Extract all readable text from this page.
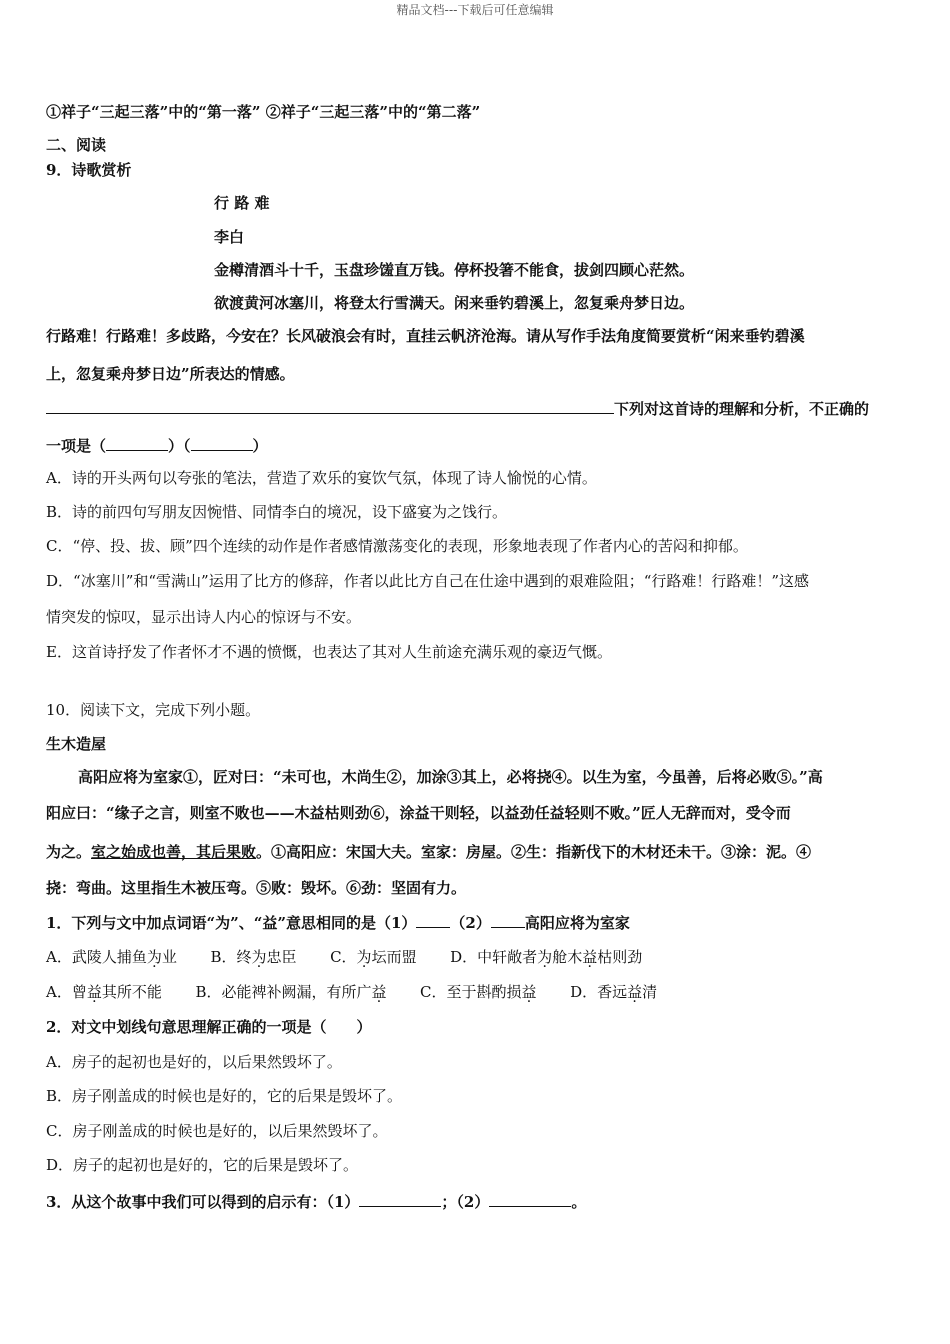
精品文档---下载后可任意编辑
①祥子“三起三落”中的“第一落” ②祥子“三起三落”中的“第二落”
二、阅读
9．诗歌赏析
行 路 难
李白
金樽清酒斗十千，玉盘珍馐直万钱。停杯投箸不能食，拔剑四顾心茫然。
欲渡黄河冰塞川，将登太行雪满天。闲来垂钓碧溪上，忽复乘舟梦日边。
行路难！行路难！多歧路，今安在？长风破浪会有时，直挂云帆济沧海。请从写作手法角度简要赏析“闲来垂钓碧溪
上，忽复乘舟梦日边”所表达的情感。
下列对这首诗的理解和分析，不正确的
一项是（	）（	）
A．诗的开头两句以夸张的笔法，营造了欢乐的宴饮气氛，体现了诗人愉悦的心情。
B．诗的前四句写朋友因惋惜、同情李白的境况，设下盛宴为之饯行。
C．“停、投、拔、顾”四个连续的动作是作者感情激荡变化的表现，形象地表现了作者内心的苦闷和抑郁。
D．“冰塞川”和“雪满山”运用了比方的修辞，作者以此比方自己在仕途中遇到的艰难险阻；“行路难！行路难！”这感
情突发的惊叹，显示出诗人内心的惊讶与不安。
E．这首诗抒发了作者怀才不遇的愤慨，也表达了其对人生前途充满乐观的豪迈气慨。
10．阅读下文，完成下列小题。
生木造屋
高阳应将为室家①，匠对曰：“未可也，木尚生②，加涂③其上，必将挠④。以生为室，今虽善，后将必败⑤。”高
阳应曰：“缘子之言，则室不败也——木益枯则劲⑥，涂益干则轻，以益劲任益轻则不败。”匠人无辞而对，受令而
为之。室之始成也善，其后果败。①高阳应：宋国大夫。室家：房屋。②生：指新伐下的木材还未干。③涂：泥。④
挠：弯曲。这里指生木被压弯。⑤败：毁坏。⑥劲：坚固有力。
1．下列与文中加点词语“为”、“益”意思相同的是（1） （2） 高阳应将为室家
A．武陵人捕鱼为业 B．终为忠臣 C．为坛而盟 D．中轩敞者为舱木益枯则劲
A．曾益其所不能 B．必能裨补阙漏，有所广益 C．至于斟酌损益 D．香远益清
2．对文中划线句意思理解正确的一项是（　　）
A．房子的起初也是好的，以后果然毁坏了。
B．房子刚盖成的时候也是好的，它的后果是毁坏了。
C．房子刚盖成的时候也是好的，以后果然毁坏了。
D．房子的起初也是好的，它的后果是毁坏了。
3．从这个故事中我们可以得到的启示有：（1）	；（2）	。
